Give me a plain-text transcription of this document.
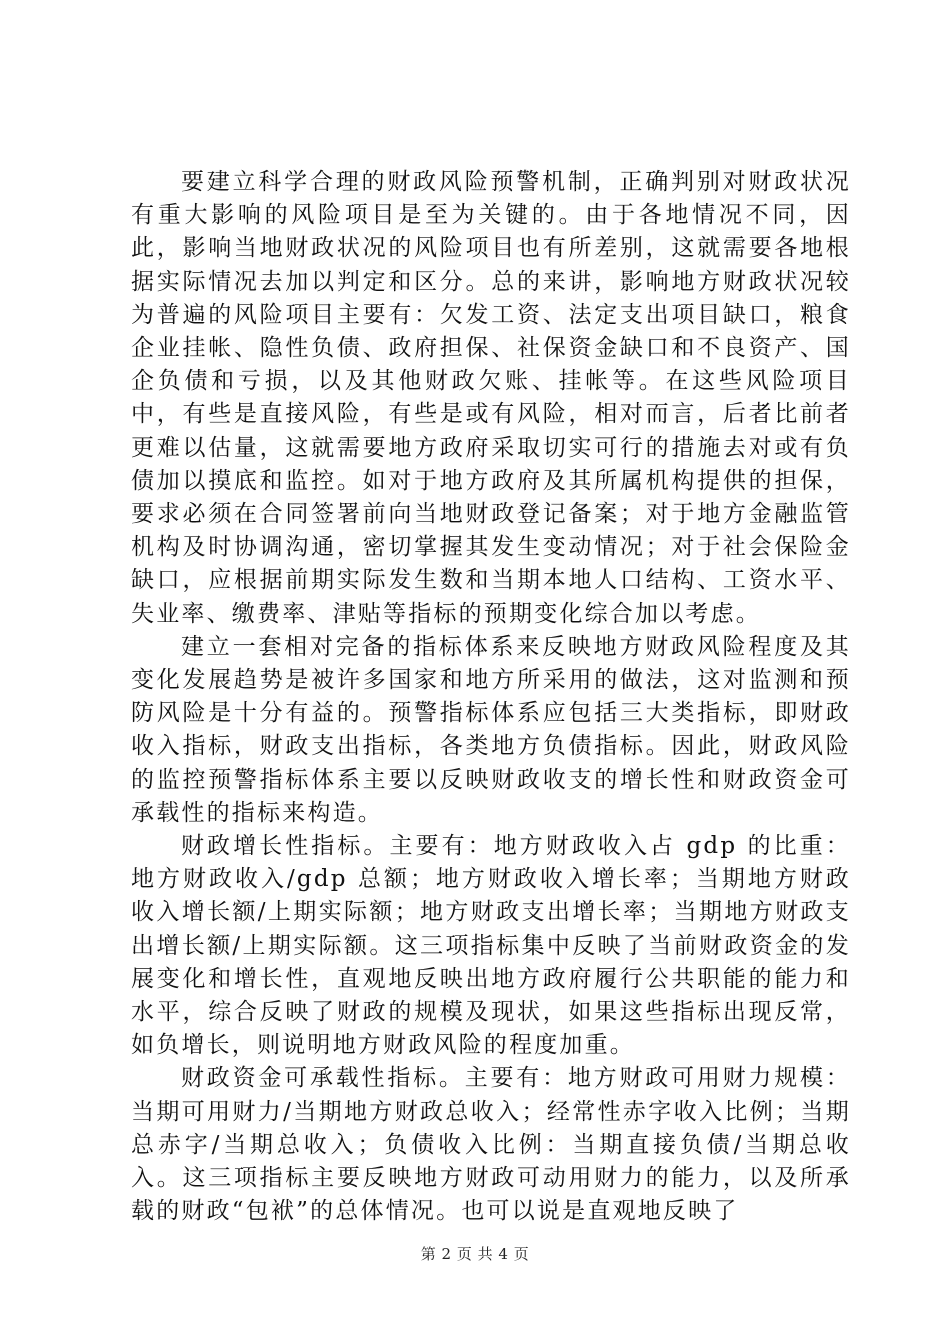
要建立科学合理的财政风险预警机制，正确判别对财政状况有重大影响的风险项目是至为关键的。由于各地情况不同，因此，影响当地财政状况的风险项目也有所差别，这就需要各地根据实际情况去加以判定和区分。总的来讲，影响地方财政状况较为普遍的风险项目主要有：欠发工资、法定支出项目缺口，粮食企业挂帐、隐性负债、政府担保、社保资金缺口和不良资产、国企负债和亏损，以及其他财政欠账、挂帐等。在这些风险项目中，有些是直接风险，有些是或有风险，相对而言，后者比前者更难以估量，这就需要地方政府采取切实可行的措施去对或有负债加以摸底和监控。如对于地方政府及其所属机构提供的担保，要求必须在合同签署前向当地财政登记备案；对于地方金融监管机构及时协调沟通，密切掌握其发生变动情况；对于社会保险金缺口，应根据前期实际发生数和当期本地人口结构、工资水平、失业率、缴费率、津贴等指标的预期变化综合加以考虑。

建立一套相对完备的指标体系来反映地方财政风险程度及其变化发展趋势是被许多国家和地方所采用的做法，这对监测和预防风险是十分有益的。预警指标体系应包括三大类指标，即财政收入指标，财政支出指标，各类地方负债指标。因此，财政风险的监控预警指标体系主要以反映财政收支的增长性和财政资金可承载性的指标来构造。

财政增长性指标。主要有：地方财政收入占 gdp 的比重：地方财政收入/gdp 总额；地方财政收入增长率；当期地方财政收入增长额/上期实际额；地方财政支出增长率；当期地方财政支出增长额/上期实际额。这三项指标集中反映了当前财政资金的发展变化和增长性，直观地反映出地方政府履行公共职能的能力和水平，综合反映了财政的规模及现状，如果这些指标出现反常，如负增长，则说明地方财政风险的程度加重。

财政资金可承载性指标。主要有：地方财政可用财力规模：当期可用财力/当期地方财政总收入；经常性赤字收入比例；当期总赤字/当期总收入；负债收入比例：当期直接负债/当期总收入。这三项指标主要反映地方财政可动用财力的能力，以及所承载的财政“包袱”的总体情况。也可以说是直观地反映了

第 2 页 共 4 页
